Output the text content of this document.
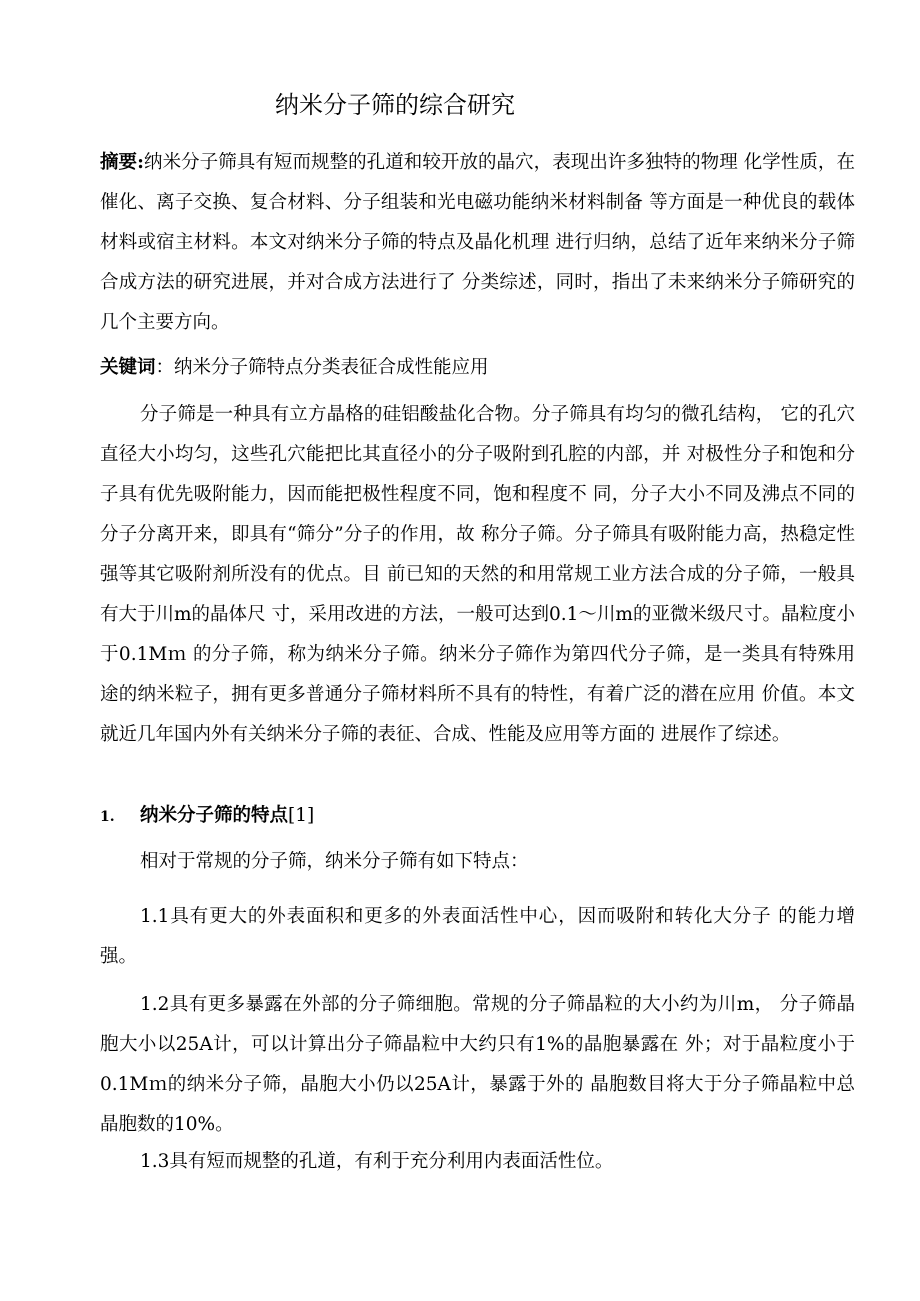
纳米分子筛的综合研究
摘要:纳米分子筛具有短而规整的孔道和较开放的晶穴，表现出许多独特的物理 化学性质，在催化、离子交换、复合材料、分子组装和光电磁功能纳米材料制备 等方面是一种优良的载体材料或宿主材料。本文对纳米分子筛的特点及晶化机理 进行归纳，总结了近年来纳米分子筛合成方法的研究进展，并对合成方法进行了 分类综述，同时，指出了未来纳米分子筛研究的几个主要方向。
关键词：纳米分子筛特点分类表征合成性能应用
分子筛是一种具有立方晶格的硅铝酸盐化合物。分子筛具有均匀的微孔结构， 它的孔穴直径大小均匀，这些孔穴能把比其直径小的分子吸附到孔腔的内部，并 对极性分子和饱和分子具有优先吸附能力，因而能把极性程度不同，饱和程度不 同，分子大小不同及沸点不同的分子分离开来，即具有“筛分”分子的作用，故 称分子筛。分子筛具有吸附能力高，热稳定性强等其它吸附剂所没有的优点。目 前已知的天然的和用常规工业方法合成的分子筛，一般具有大于川m的晶体尺 寸，采用改进的方法，一般可达到0.1～川m的亚微米级尺寸。晶粒度小于0.1Mｍ 的分子筛，称为纳米分子筛。纳米分子筛作为第四代分子筛，是一类具有特殊用 途的纳米粒子，拥有更多普通分子筛材料所不具有的特性，有着广泛的潜在应用 价值。本文就近几年国内外有关纳米分子筛的表征、合成、性能及应用等方面的 进展作了综述。
1. 纳米分子筛的特点[1]
相对于常规的分子筛，纳米分子筛有如下特点：
1.1具有更大的外表面积和更多的外表面活性中心，因而吸附和转化大分子 的能力增强。
1.2具有更多暴露在外部的分子筛细胞。常规的分子筛晶粒的大小约为川m， 分子筛晶胞大小以25A计，可以计算出分子筛晶粒中大约只有1%的晶胞暴露在 外；对于晶粒度小于0.1Mｍ的纳米分子筛，晶胞大小仍以25A计，暴露于外的 晶胞数目将大于分子筛晶粒中总晶胞数的10%。
1.3具有短而规整的孔道，有利于充分利用内表面活性位。
